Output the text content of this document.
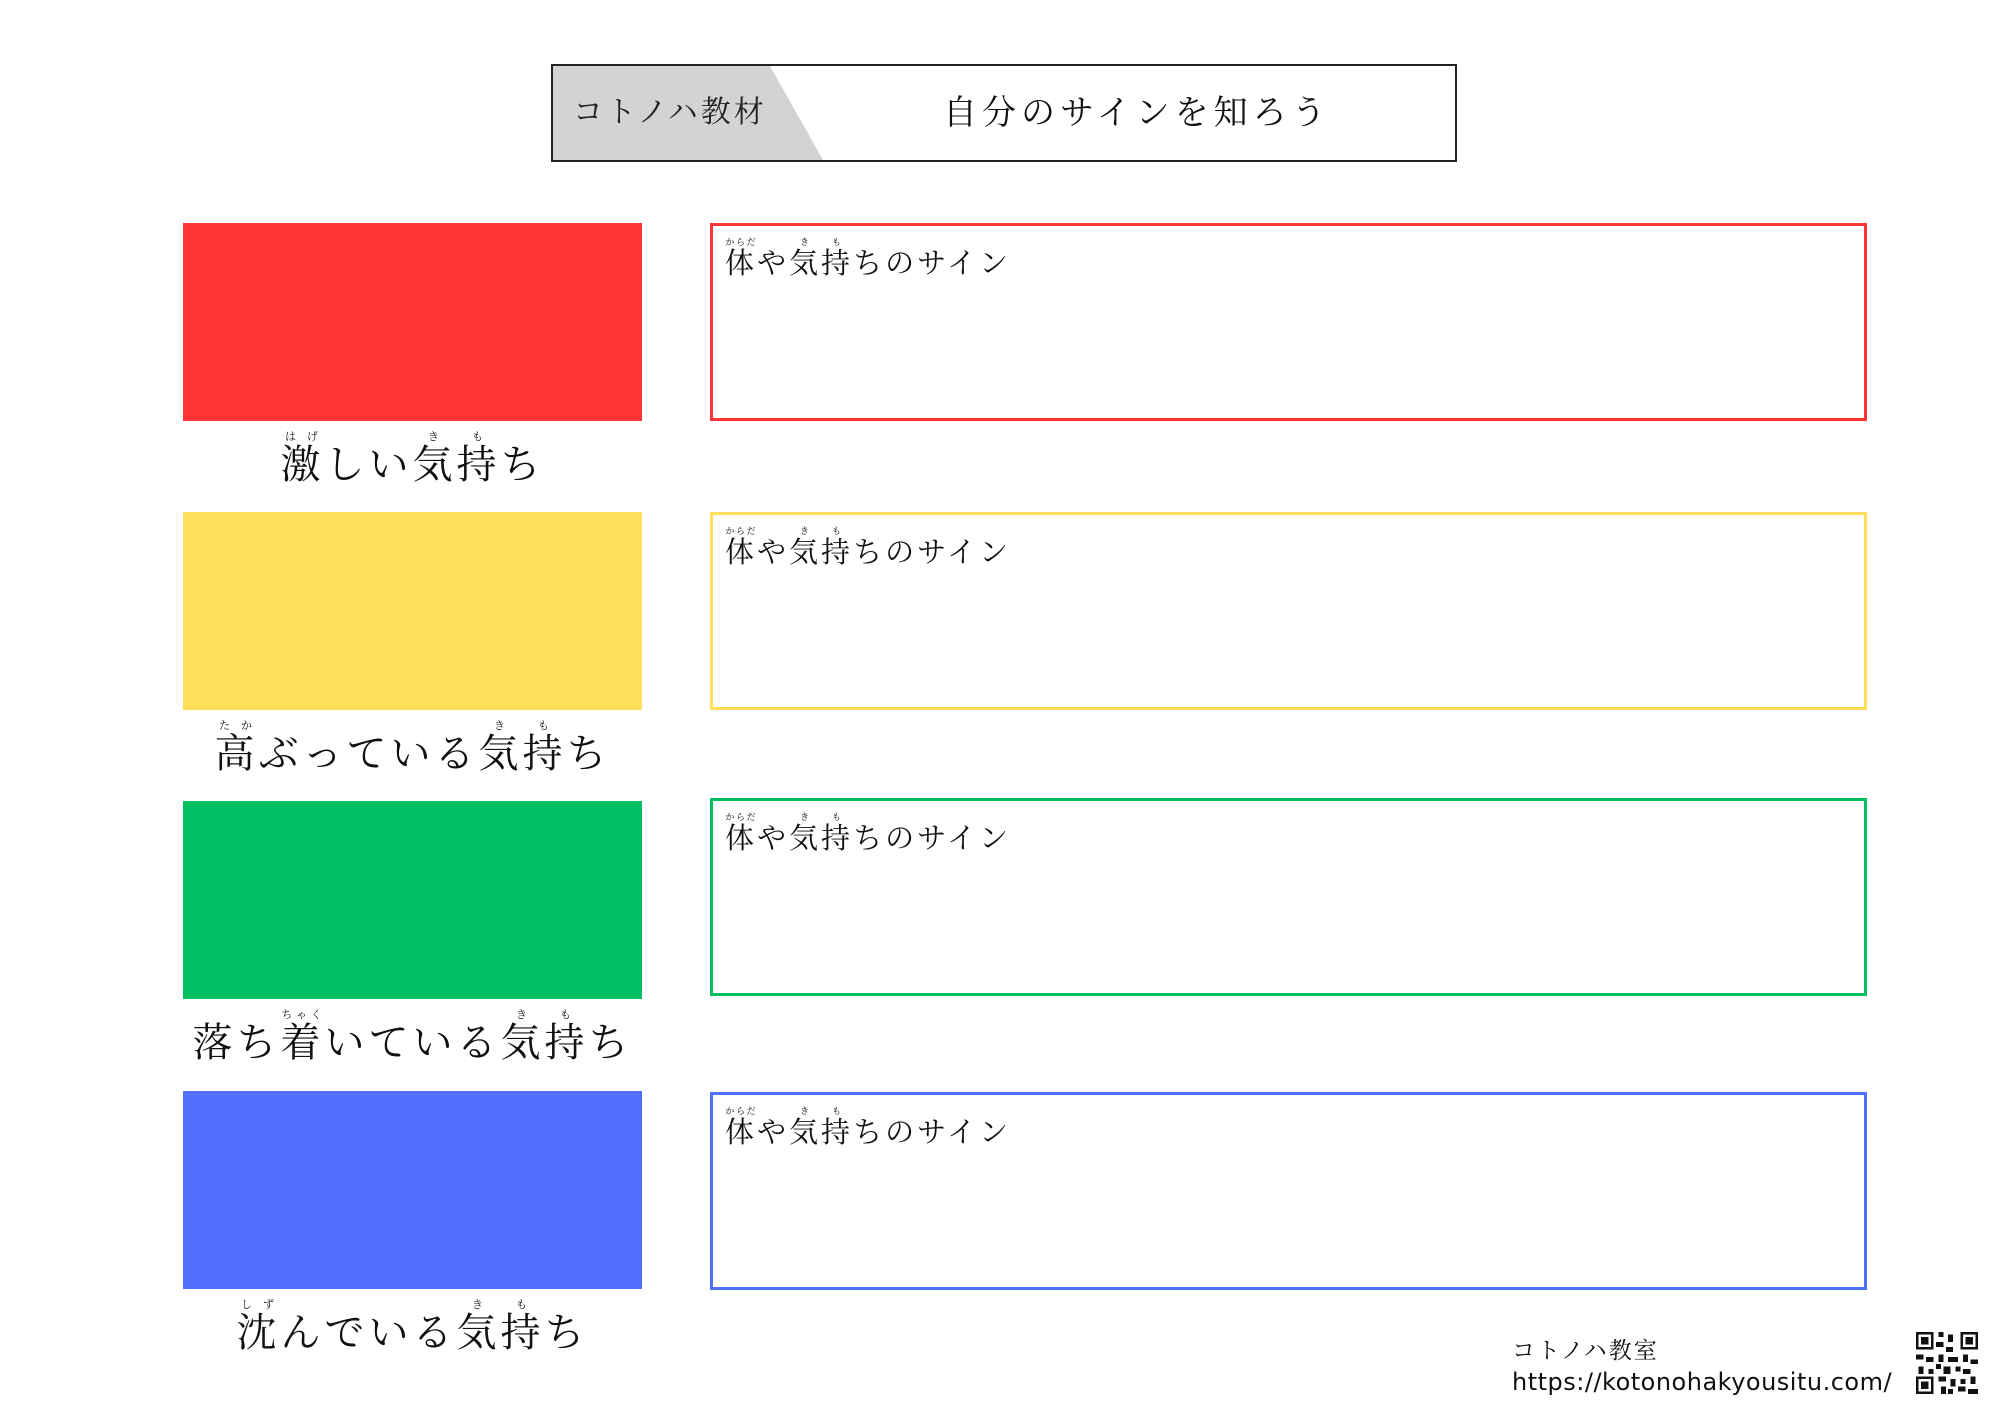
コトノハ教材	自分のサインを知ろう
激はげしい気き持もち
体からだや気き持もちのサイン
高たかぶっている気き持もち
体からだや気き持もちのサイン
落ち着ちゃくいている気き持もち
体からだや気き持もちのサイン
沈しずんでいる気き持もち
体からだや気き持もちのサイン
コトノハ教室
https://kotonohakyousitu.com/
